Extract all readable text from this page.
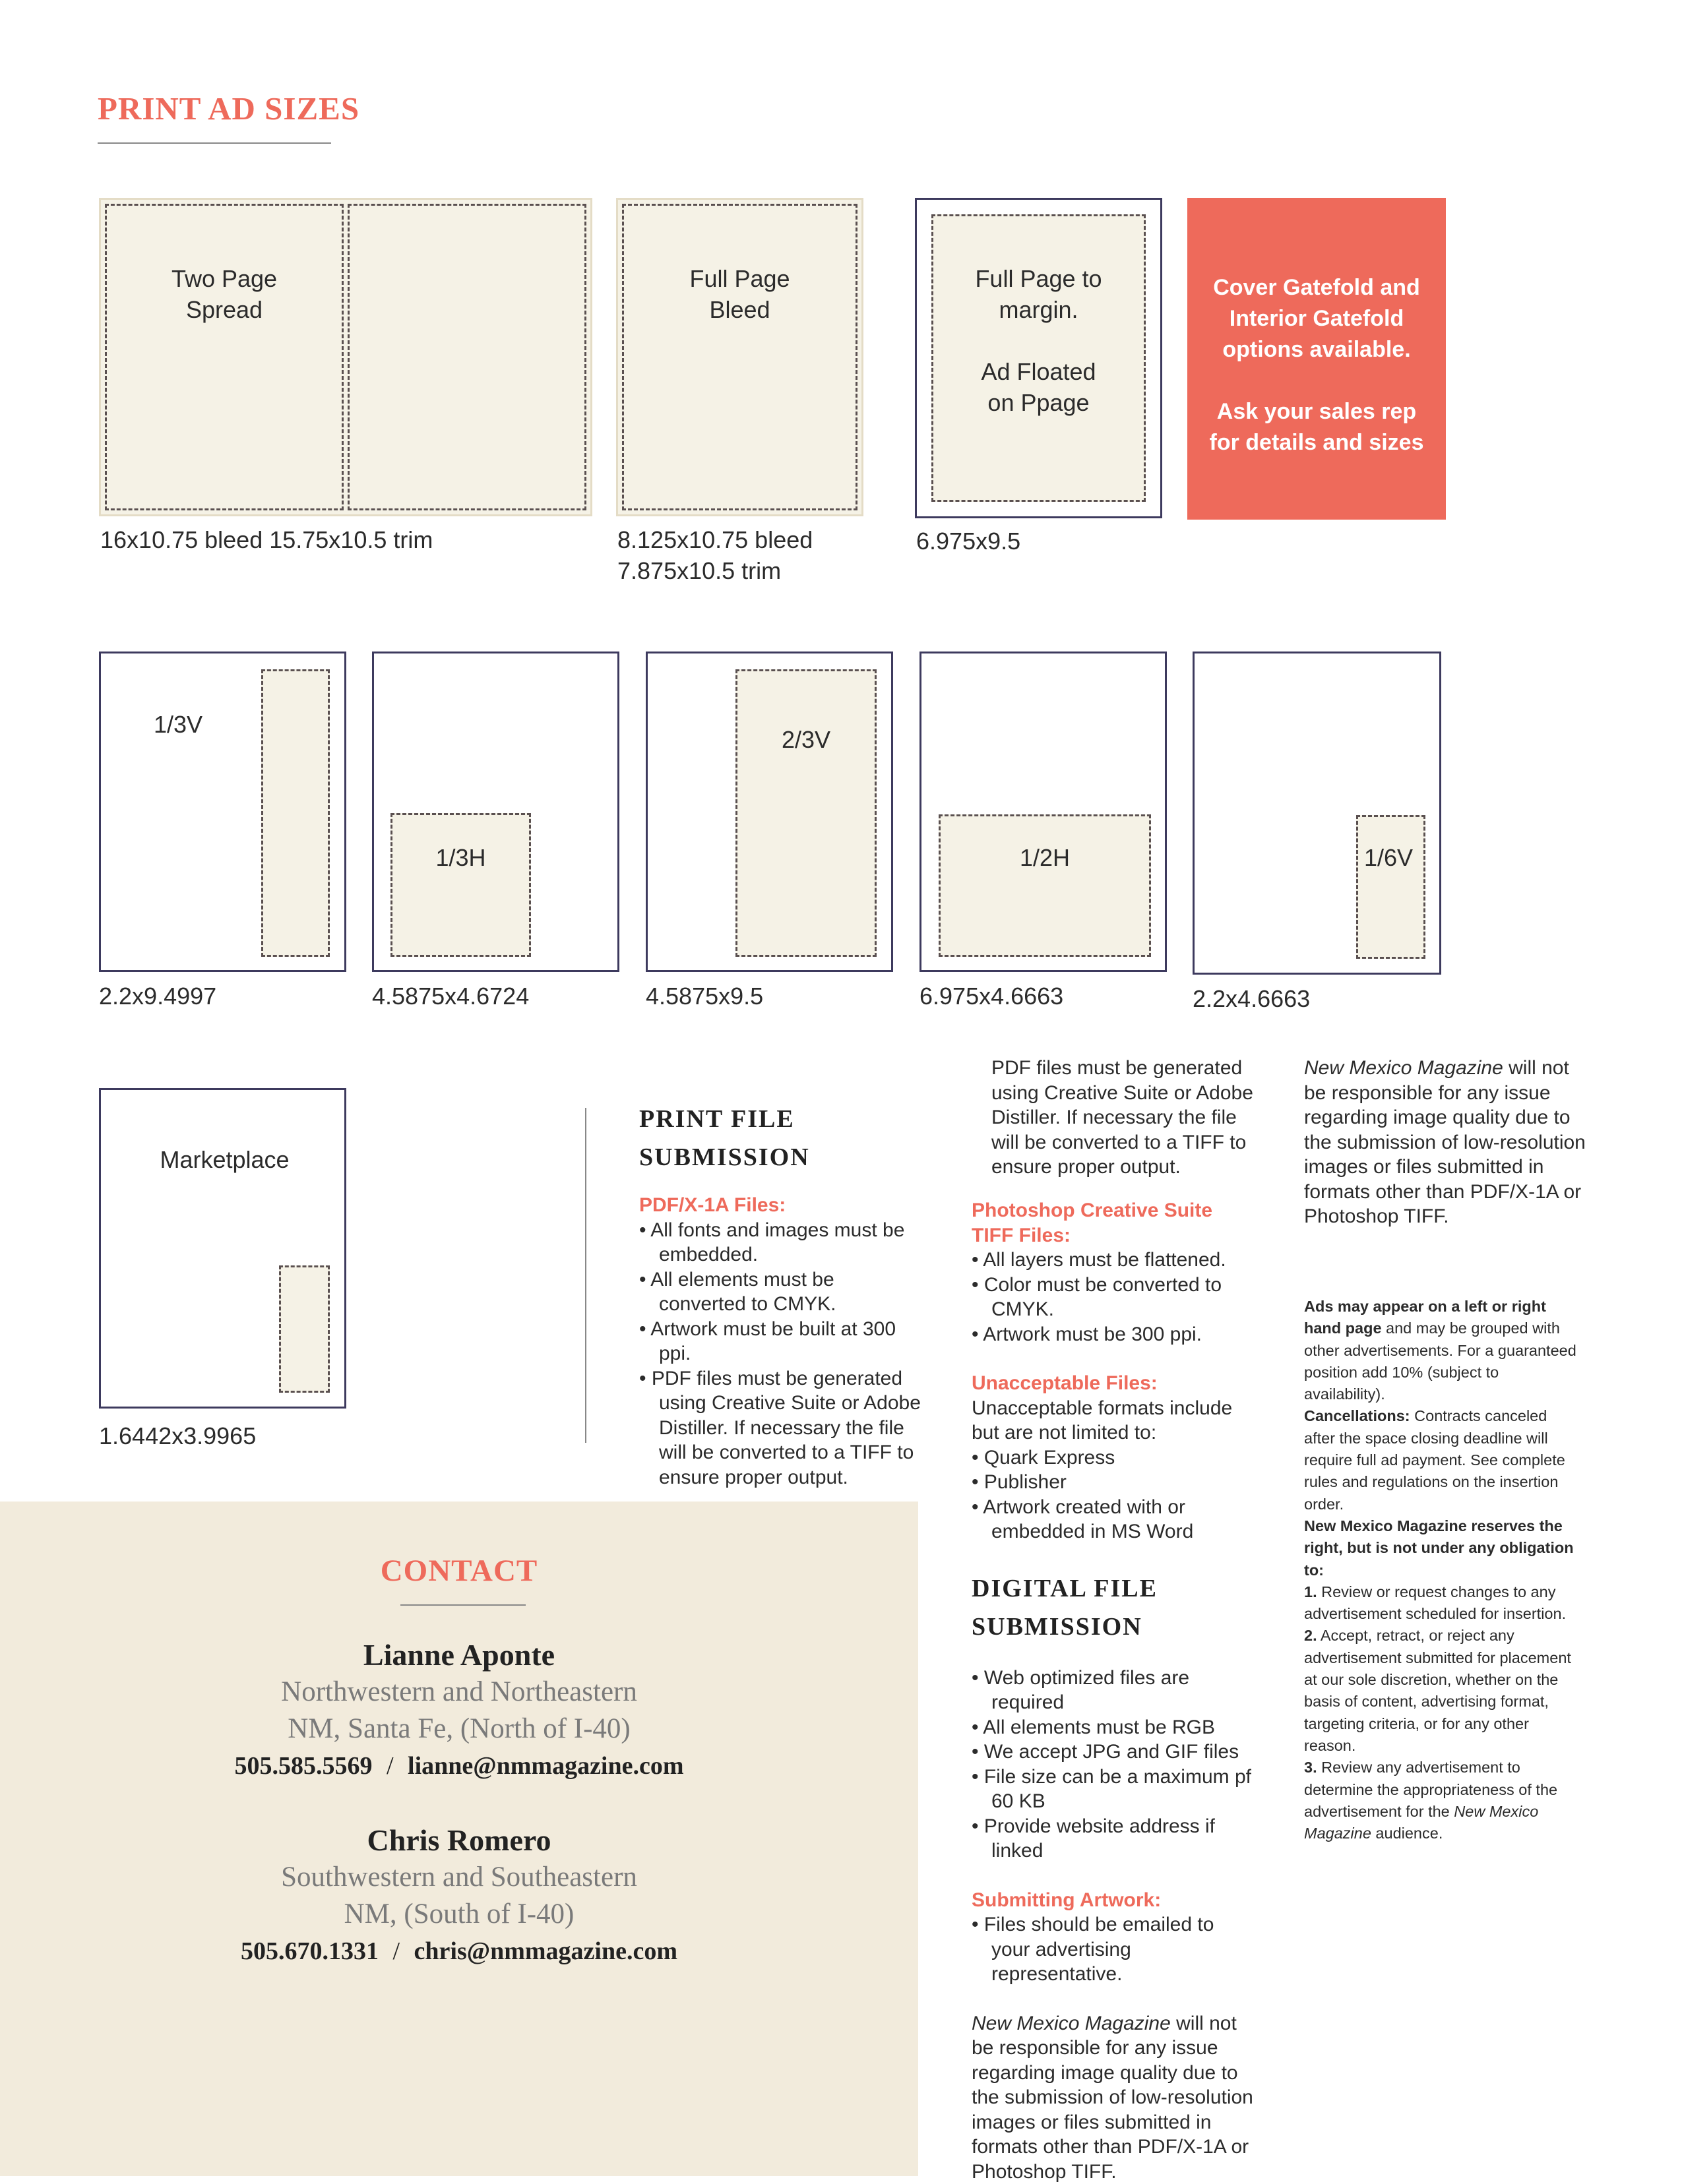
PRINT AD SIZES
Two Page
Spread
16x10.75 bleed 15.75x10.5 trim
Full Page
Bleed
8.125x10.75 bleed
7.875x10.5 trim
Full Page to
margin.

Ad Floated
on Ppage
6.975x9.5
Cover Gatefold and
Interior Gatefold
options available.

Ask your sales rep
for details and sizes
1/3V
2.2x9.4997
1/3H
4.5875x4.6724
2/3V
4.5875x9.5
1/2H
6.975x4.6663
1/6V
2.2x4.6663
Marketplace
1.6442x3.9965
PRINT FILE
SUBMISSION
PDF/X-1A Files:
• All fonts and images must be embedded.
• All elements must be converted to CMYK.
• Artwork must be built at 300 ppi.
• PDF files must be generated using Creative Suite or Adobe Distiller. If necessary the file will be converted to a TIFF to ensure proper output.
PDF files must be generated using Creative Suite or Adobe Distiller. If necessary the file will be converted to a TIFF to ensure proper output.
Photoshop Creative Suite TIFF Files:
• All layers must be flattened.
• Color must be converted to CMYK.
• Artwork must be 300 ppi.
Unacceptable Files:
Unacceptable formats include but are not limited to:
• Quark Express
• Publisher
• Artwork created with or embedded in MS Word
DIGITAL FILE
SUBMISSION
• Web optimized files are required
• All elements must be RGB
• We accept JPG and GIF files
• File size can be a maximum pf 60 KB
• Provide website address if linked
Submitting Artwork:
• Files should be emailed to your advertising representative.
New Mexico Magazine will not be responsible for any issue regarding image quality due to the submission of low-resolution images or files submitted in formats other than PDF/X-1A or Photoshop TIFF.
New Mexico Magazine will not be responsible for any issue regarding image quality due to the submission of low-resolution images or files submitted in formats other than PDF/X-1A or Photoshop TIFF.
Ads may appear on a left or right hand page and may be grouped with other advertisements. For a guaranteed position add 10% (subject to availability).
Cancellations: Contracts canceled after the space closing deadline will require full ad payment. See complete rules and regulations on the insertion order.
New Mexico Magazine reserves the right, but is not under any obligation to:
1. Review or request changes to any advertisement scheduled for insertion. 2. Accept, retract, or reject any advertisement submitted for placement at our sole discretion, whether on the basis of content, advertising format, targeting criteria, or for any other reason.
3. Review any advertisement to determine the appropriateness of the advertisement for the New Mexico Magazine audience.
CONTACT
Lianne Aponte
Northwestern and Northeastern
NM, Santa Fe, (North of I-40)
505.585.5569 / lianne@nmmagazine.com
Chris Romero
Southwestern and Southeastern
NM, (South of I-40)
505.670.1331 / chris@nmmagazine.com
